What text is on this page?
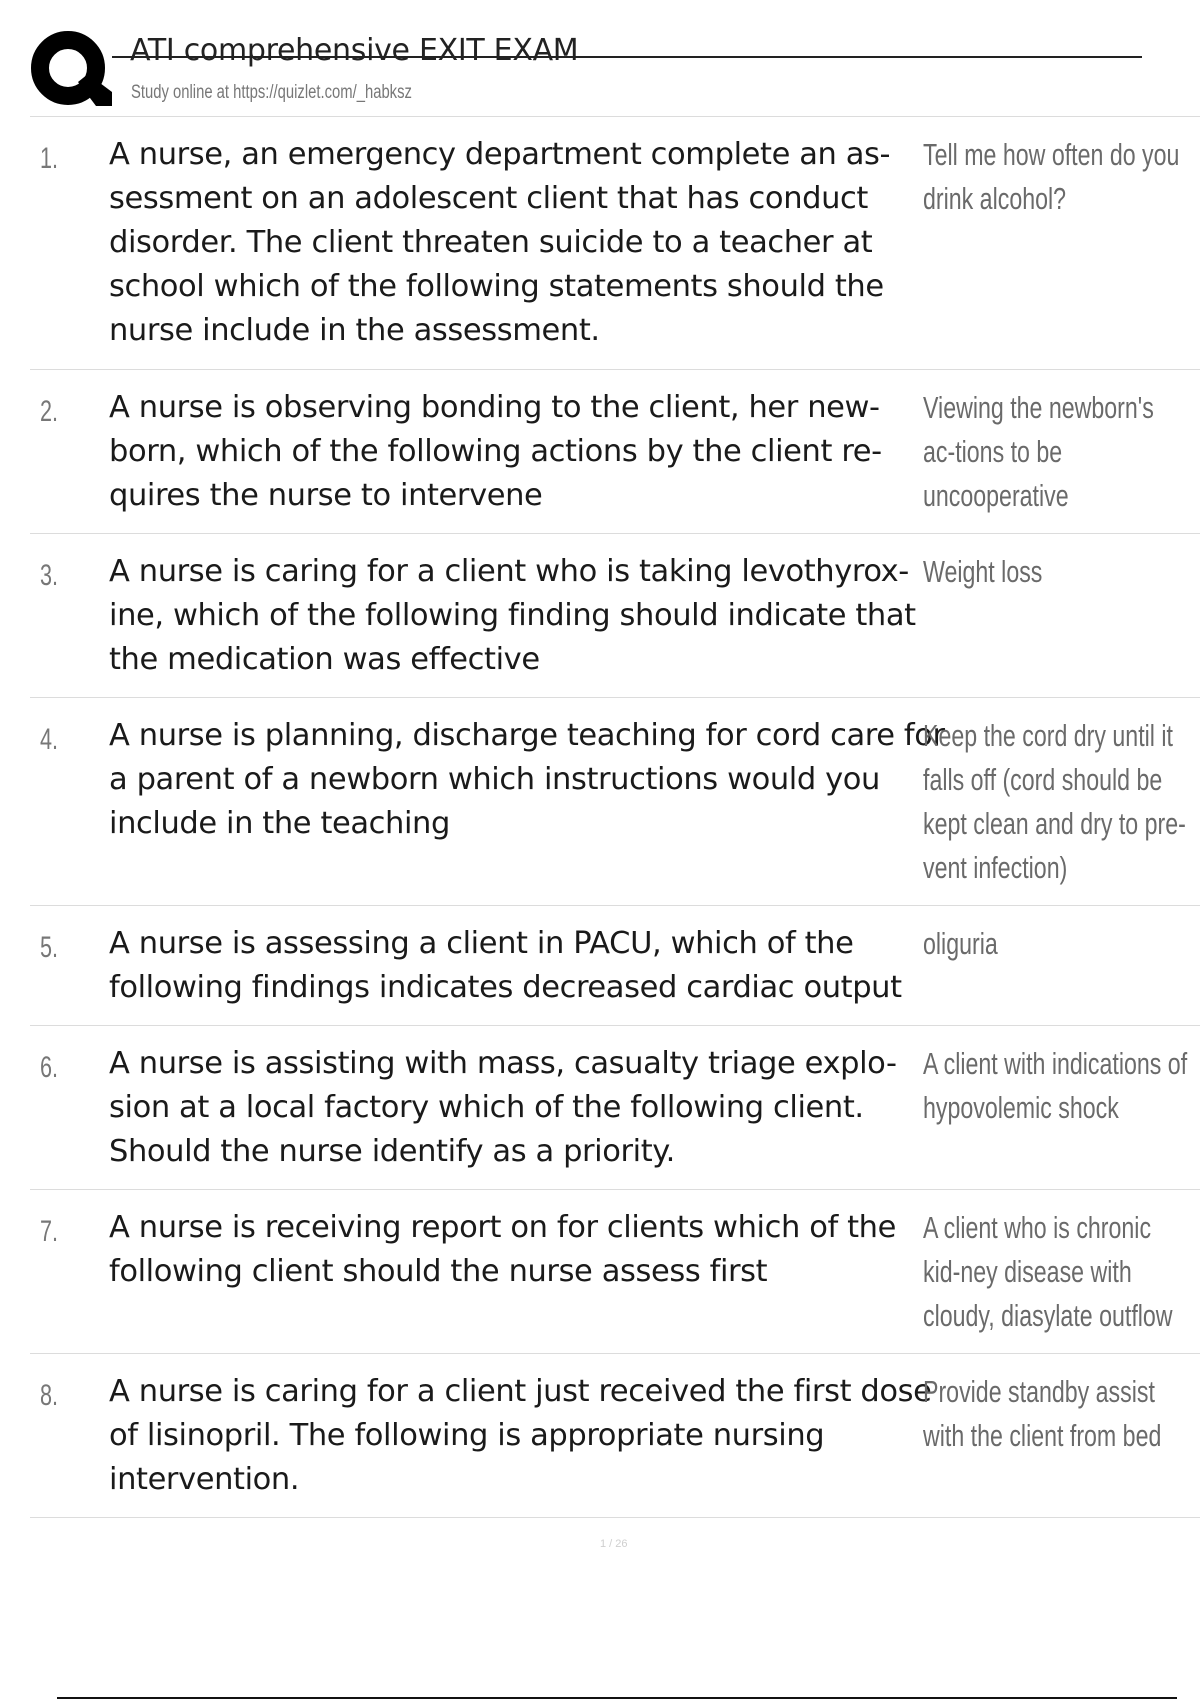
ATI comprehensive EXIT EXAM
Study online at https://quizlet.com/_habksz
1. A nurse, an emergency department complete an as-sessment on an adolescent client that has conduct disorder. The client threaten suicide to a teacher at school which of the following statements should the nurse include in the assessment.
Tell me how often do you drink alcohol?
2. A nurse is observing bonding to the client, her new-born, which of the following actions by the client re-quires the nurse to intervene
Viewing the newborn's ac-tions to be uncooperative
3. A nurse is caring for a client who is taking levothyrox-ine, which of the following finding should indicate that the medication was effective
Weight loss
4. A nurse is planning, discharge teaching for cord care for a parent of a newborn which instructions would you include in the teaching
Keep the cord dry until it falls off (cord should be kept clean and dry to pre-vent infection)
5. A nurse is assessing a client in PACU, which of the following findings indicates decreased cardiac output
oliguria
6. A nurse is assisting with mass, casualty triage explo-sion at a local factory which of the following client. Should the nurse identify as a priority.
A client with indications of hypovolemic shock
7. A nurse is receiving report on for clients which of the following client should the nurse assess first
A client who is chronic kid-ney disease with cloudy, diasylate outflow
8. A nurse is caring for a client just received the first dose of lisinopril. The following is appropriate nursing intervention.
Provide standby assist with the client from bed
1 / 26
